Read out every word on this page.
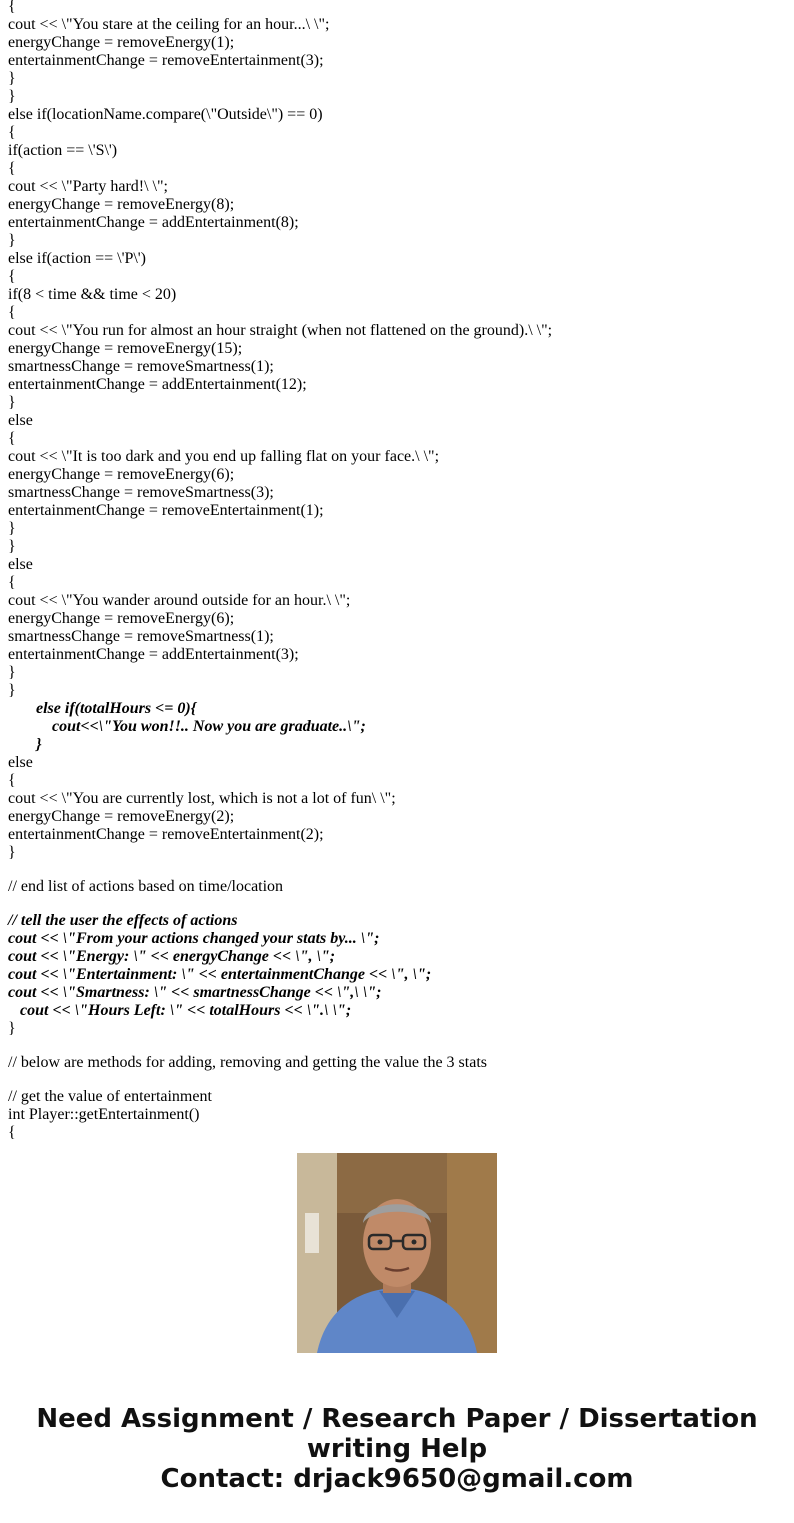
{
cout << \"You stare at the ceiling for an hour...\ \";
energyChange = removeEnergy(1);
entertainmentChange = removeEntertainment(3);
}
}
else if(locationName.compare(\"Outside\") == 0)
{
if(action == \'S\')
{
cout << \"Party hard!\ \";
energyChange = removeEnergy(8);
entertainmentChange = addEntertainment(8);
}
else if(action == \'P\')
{
if(8 < time && time < 20)
{
cout << \"You run for almost an hour straight (when not flattened on the ground).\ \";
energyChange = removeEnergy(15);
smartnessChange = removeSmartness(1);
entertainmentChange = addEntertainment(12);
}
else
{
cout << \"It is too dark and you end up falling flat on your face.\ \";
energyChange = removeEnergy(6);
smartnessChange = removeSmartness(3);
entertainmentChange = removeEntertainment(1);
}
}
else
{
cout << \"You wander around outside for an hour.\ \";
energyChange = removeEnergy(6);
smartnessChange = removeSmartness(1);
entertainmentChange = addEntertainment(3);
}
}
else if(totalHours <= 0){
cout<<\"You won!!.. Now you are graduate..\";
}
else
{
cout << \"You are currently lost, which is not a lot of fun\ \";
energyChange = removeEnergy(2);
entertainmentChange = removeEntertainment(2);
}
// end list of actions based on time/location
// tell the user the effects of actions
cout << \"From your actions changed your stats by... \";
cout << \"Energy: \" << energyChange << \", \";
cout << \"Entertainment: \" << entertainmentChange << \", \";
cout << \"Smartness: \" << smartnessChange << \",\ \";
cout << \"Hours Left: \" << totalHours << \".\ \";
}
// below are methods for adding, removing and getting the value the 3 stats
// get the value of entertainment
int Player::getEntertainment()
{
Need Assignment / Research Paper / Dissertation
writing Help
Contact: drjack9650@gmail.com
